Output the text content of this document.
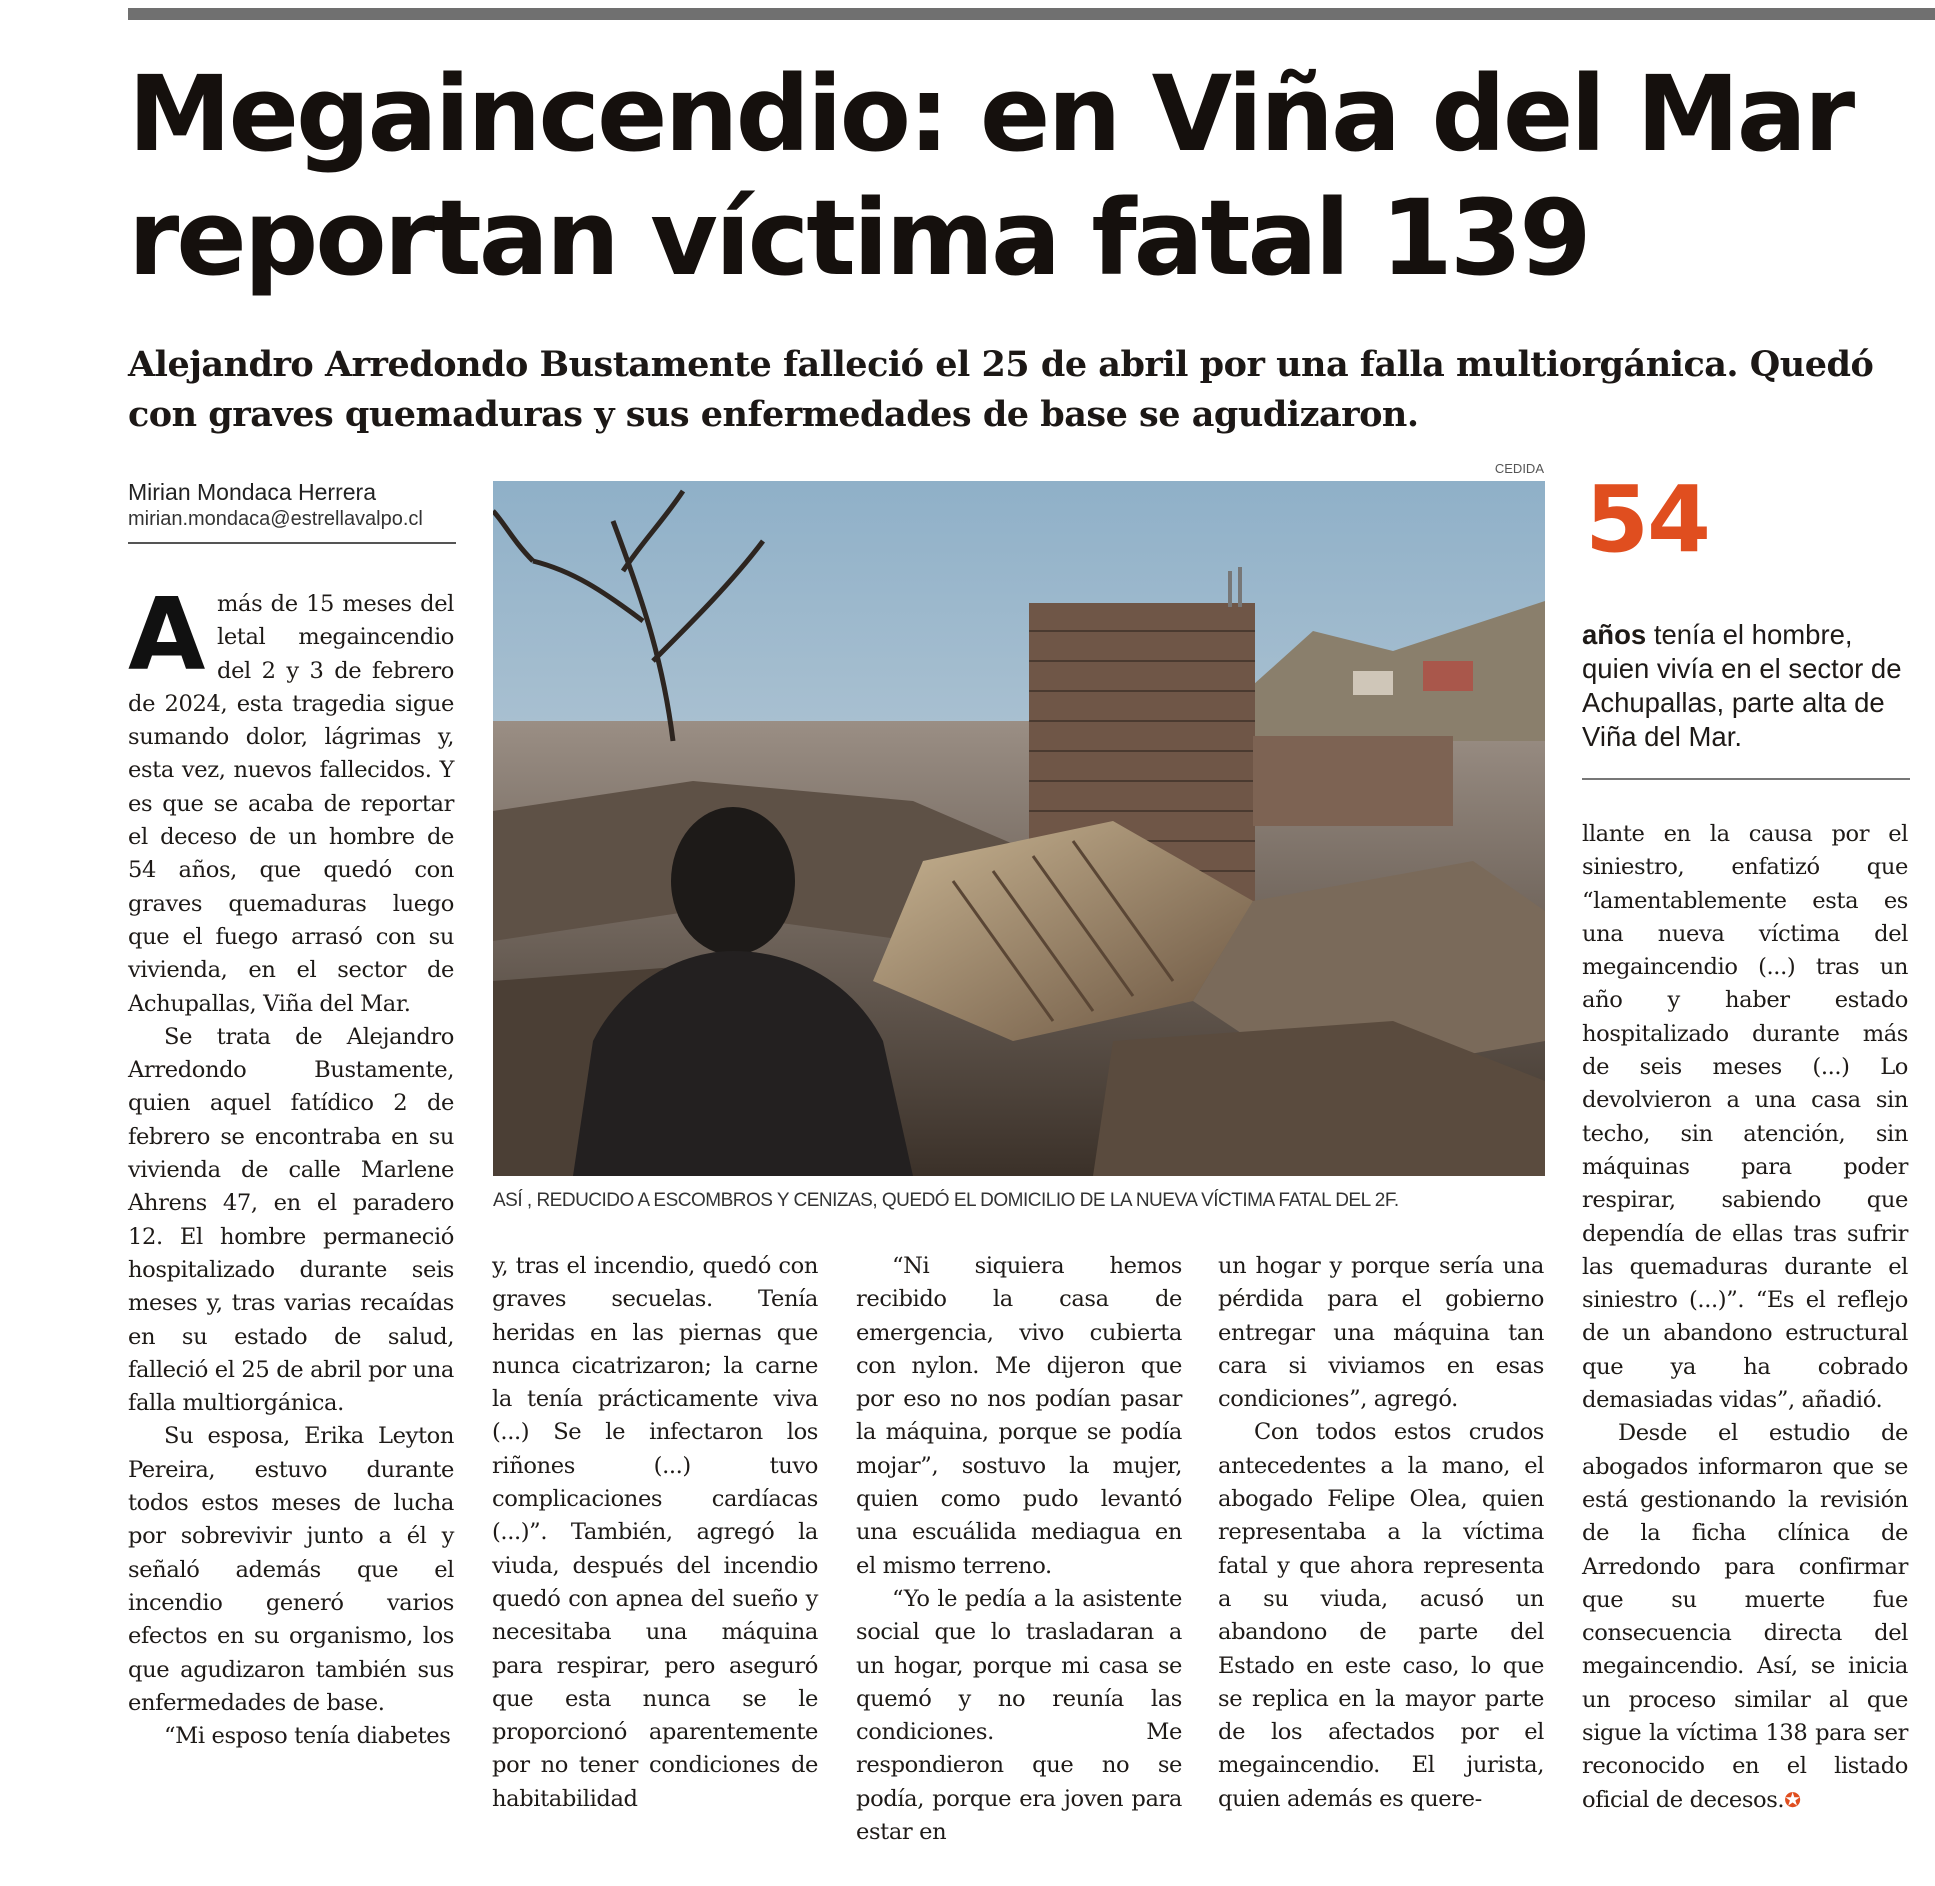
Megaincendio: en Viña del Mar
reportan víctima fatal 139

Alejandro Arredondo Bustamente falleció el 25 de abril por una falla multiorgánica. Quedó con graves quemaduras y sus enfermedades de base se agudizaron.

Mirian Mondaca Herrera
mirian.mondaca@estrellavalpo.cl

Amás de 15 meses del letal megaincendio del 2 y 3 de febrero de 2024, esta tragedia sigue sumando dolor, lágrimas y, esta vez, nuevos fallecidos. Y es que se acaba de reportar el deceso de un hombre de 54 años, que quedó con graves quemaduras luego que el fuego arrasó con su vivienda, en el sector de Achupallas, Viña del Mar.

Se trata de Alejandro Arredondo Bustamente, quien aquel fatídico 2 de febrero se encontraba en su vivienda de calle Marlene Ahrens 47, en el paradero 12. El hombre permaneció hospitalizado durante seis meses y, tras varias recaídas en su estado de salud, falleció el 25 de abril por una falla multiorgánica.

Su esposa, Erika Leyton Pereira, estuvo durante todos estos meses de lucha por sobrevivir junto a él y señaló además que el incendio generó varios efectos en su organismo, los que agudizaron también sus enfermedades de base.

“Mi esposo tenía diabetes

CEDIDA
ASÍ , REDUCIDO A ESCOMBROS Y CENIZAS, QUEDÓ EL DOMICILIO DE LA NUEVA VÍCTIMA FATAL DEL 2F.

y, tras el incendio, quedó con graves secuelas. Tenía heridas en las piernas que nunca cicatrizaron; la carne la tenía prácticamente viva (...) Se le infectaron los riñones (...) tuvo complicaciones cardíacas (...)”. También, agregó la viuda, después del incendio quedó con apnea del sueño y necesitaba una máquina para respirar, pero aseguró que esta nunca se le proporcionó aparentemente por no tener condiciones de habitabilidad

“Ni siquiera hemos recibido la casa de emergencia, vivo cubierta con nylon. Me dijeron que por eso no nos podían pasar la máquina, porque se podía mojar”, sostuvo la mujer, quien como pudo levantó una escuálida mediagua en el mismo terreno.

“Yo le pedía a la asistente social que lo trasladaran a un hogar, porque mi casa se quemó y no reunía las condiciones. Me respondieron que no se podía, porque era joven para estar en

un hogar y porque sería una pérdida para el gobierno entregar una máquina tan cara si viviamos en esas condiciones”, agregó.

Con todos estos crudos antecedentes a la mano, el abogado Felipe Olea, quien representaba a la víctima fatal y que ahora representa a su viuda, acusó un abandono de parte del Estado en este caso, lo que se replica en la mayor parte de los afectados por el megaincendio. El jurista, quien además es quere-

54
años tenía el hombre, quien vivía en el sector de Achupallas, parte alta de Viña del Mar.

llante en la causa por el siniestro, enfatizó que “lamentablemente esta es una nueva víctima del megaincendio (...) tras un año y haber estado hospitalizado durante más de seis meses (...) Lo devolvieron a una casa sin techo, sin atención, sin máquinas para poder respirar, sabiendo que dependía de ellas tras sufrir las quemaduras durante el siniestro (...)”. “Es el reflejo de un abandono estructural que ya ha cobrado demasiadas vidas”, añadió.

Desde el estudio de abogados informaron que se está gestionando la revisión de la ficha clínica de Arredondo para confirmar que su muerte fue consecuencia directa del megaincendio. Así, se inicia un proceso similar al que sigue la víctima 138 para ser reconocido en el listado oficial de decesos.✪
